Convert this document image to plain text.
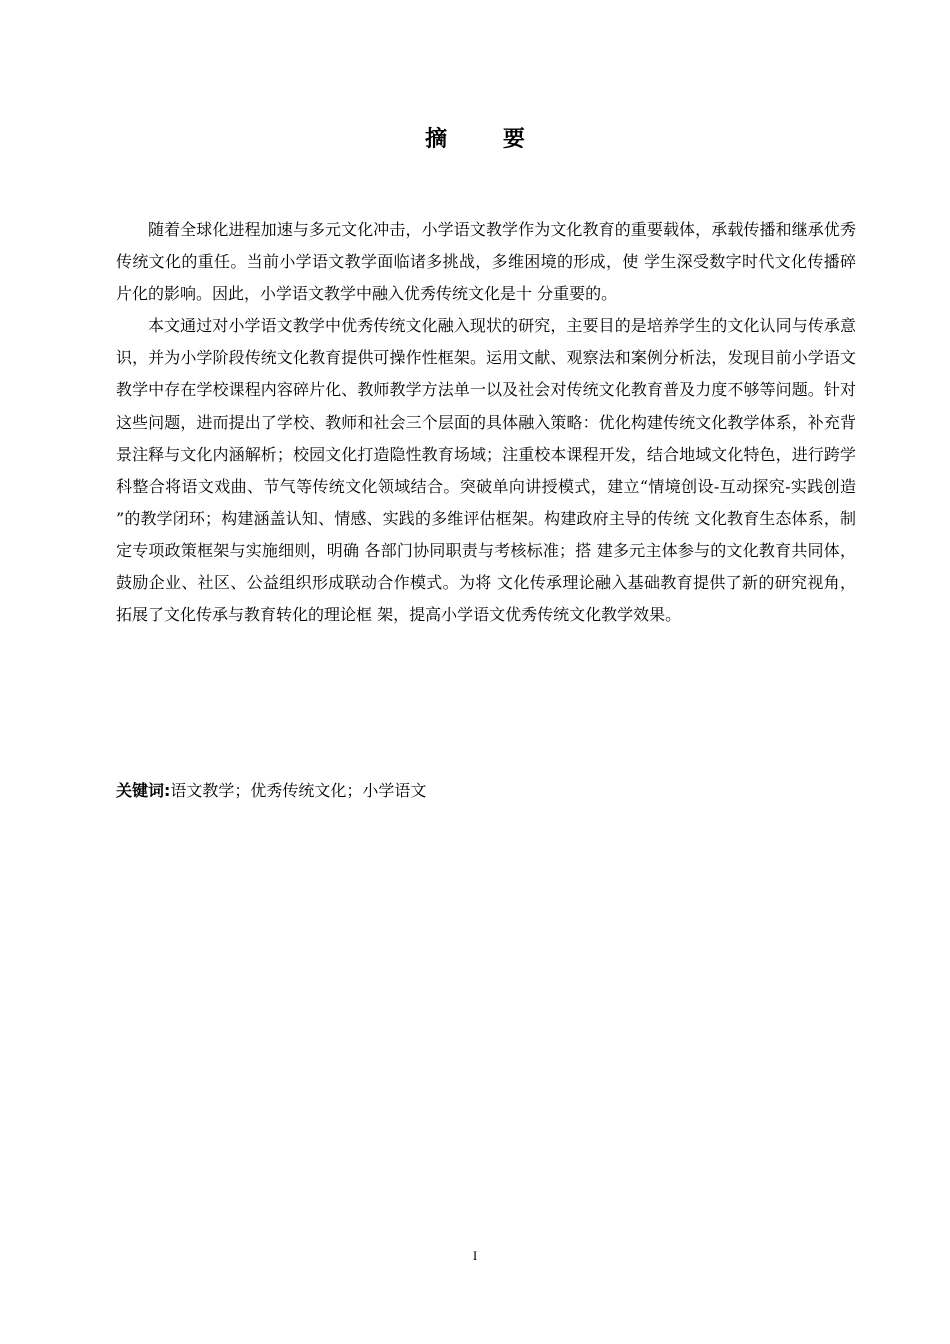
摘 要

随着全球化进程加速与多元文化冲击，小学语文教学作为文化教育的重要载体，承载传播和继承优秀传统文化的重任。当前小学语文教学面临诸多挑战，多维困境的形成，使 学生深受数字时代文化传播碎片化的影响。因此，小学语文教学中融入优秀传统文化是十 分重要的。

本文通过对小学语文教学中优秀传统文化融入现状的研究，主要目的是培养学生的文化认同与传承意识，并为小学阶段传统文化教育提供可操作性框架。运用文献、观察法和案例分析法，发现目前小学语文教学中存在学校课程内容碎片化、教师教学方法单一以及社会对传统文化教育普及力度不够等问题。针对这些问题，进而提出了学校、教师和社会三个层面的具体融入策略：优化构建传统文化教学体系，补充背景注释与文化内涵解析；校园文化打造隐性教育场域；注重校本课程开发，结合地域文化特色，进行跨学科整合将语文戏曲、节气等传统文化领域结合。突破单向讲授模式，建立“情境创设-互动探究-实践创造 ”的教学闭环；构建涵盖认知、情感、实践的多维评估框架。构建政府主导的传统 文化教育生态体系，制定专项政策框架与实施细则，明确 各部门协同职责与考核标准；搭 建多元主体参与的文化教育共同体，鼓励企业、社区、公益组织形成联动合作模式。为将 文化传承理论融入基础教育提供了新的研究视角，拓展了文化传承与教育转化的理论框 架，提高小学语文优秀传统文化教学效果。

关键词:语文教学；优秀传统文化；小学语文
I
